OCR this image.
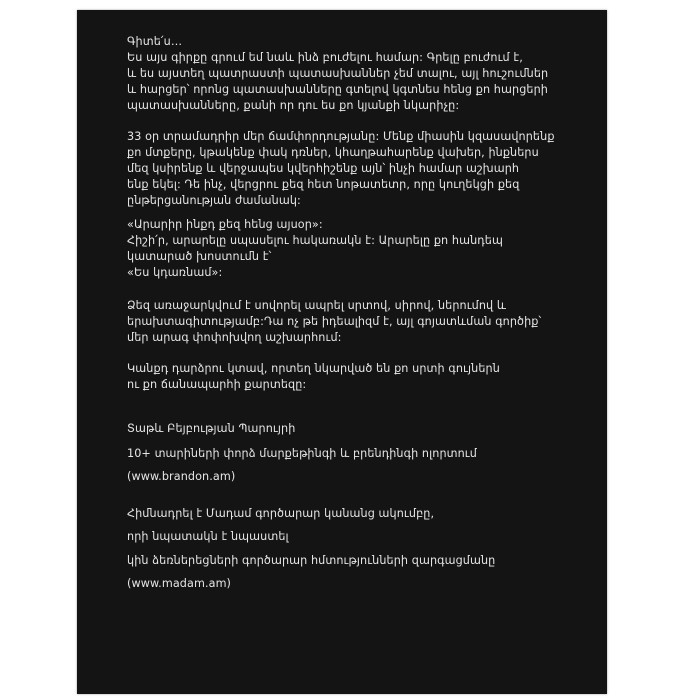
Գիտե՛ս…
Ես այս գիրքը գրում եմ նաև ինձ բուժելու համար: Գրելը բուժում է,
և ես այստեղ պատրաստի պատասխաններ չեմ տալու, այլ հուշումներ
և հարցեր՝ որոնց պատասխանները գտելով կգտնես հենց քո հարցերի
պատասխանները, քանի որ դու ես քո կյանքի նկարիչը:
33 օր տրամադրիր մեր ճամփորդությանը: Մենք միասին կզասավորենք
քո մտքերը, կթակենք փակ դռներ, կհաղթահարենք վախեր, ինքներս
մեզ կսիրենք և վերջապես կվերհիշենք այն՝ ինչի համար աշխարհ
ենք եկել: Դե ինչ, վերցրու քեզ հետ նոթատետր, որը կուղեկցի քեզ
ընթերցանության ժամանակ:
«Արարիր ինքդ քեզ հենց այսօր»:
Հիշի՛ր, արարելը սպասելու հակառակն է: Արարելը քո հանդեպ
կատարած խոստումն է՝
«Ես կդառնամ»:
Ձեզ առաջարկվում է սովորել ապրել սրտով, սիրով, ներումով և
երախտագիտությամբ:Դա ոչ թե իդեալիզմ է, այլ գոյատևման գործիք՝
մեր արագ փոփոխվող աշխարհում:
Կանքդ դարձրու կտավ, որտեղ նկարված են քո սրտի գույներն
ու քո ճանապարհի քարտեզը:
Տաթև Բեյբության Պարույրի
10+ տարիների փորձ մարքեթինգի և բրենդինգի ոլորտում
(www.brandon.am)
Հիմնադրել է Մադամ գործարար կանանց ակումբը,
որի նպատակն է նպաստել
կին ձեռներեցների գործարար հմտությունների զարգացմանը
(www.madam.am)
